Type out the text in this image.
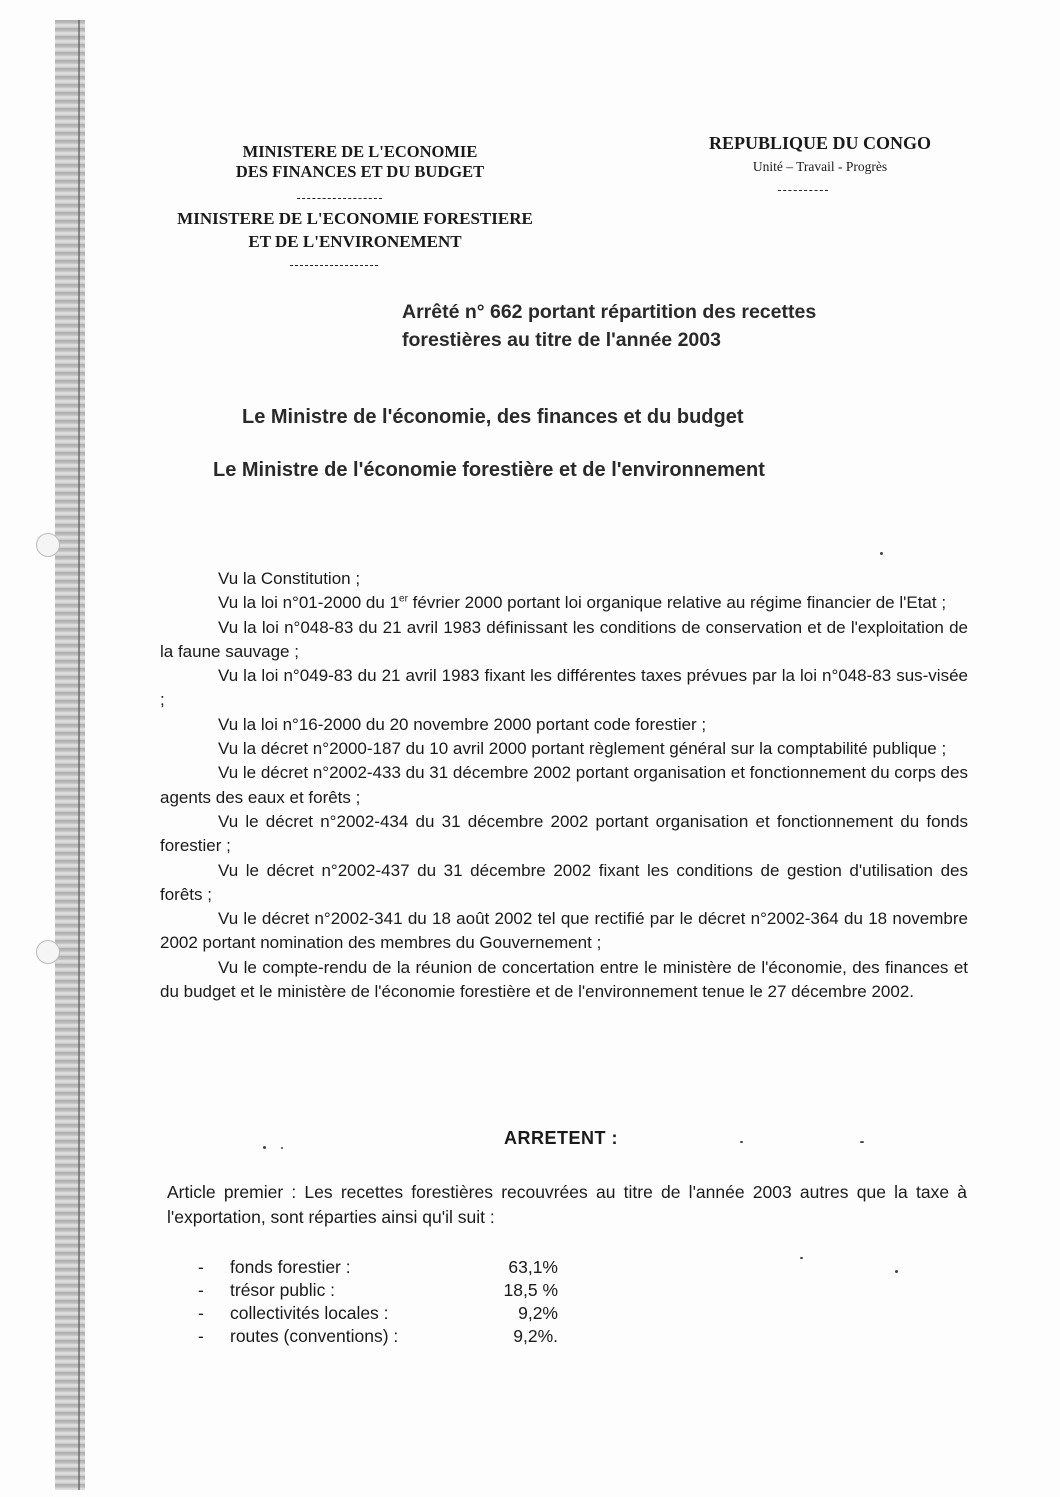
MINISTERE DE L'ECONOMIE
DES FINANCES ET DU BUDGET
MINISTERE DE L'ECONOMIE FORESTIERE
ET DE L'ENVIRONEMENT
REPUBLIQUE DU CONGO
Unité – Travail - Progrès
Arrêté n° 662 portant répartition des recettes
forestières au titre de l'année 2003
Le Ministre de l'économie, des finances et du budget
Le Ministre de l'économie forestière et de l'environnement

Vu la Constitution ;

Vu la loi n°01-2000 du 1er février 2000 portant loi organique relative au régime financier de l'Etat ;

Vu la loi n°048-83 du 21 avril 1983 définissant les conditions de conservation et de l'exploitation de la faune sauvage ;

Vu la loi n°049-83 du 21 avril 1983 fixant les différentes taxes prévues par la loi n°048-83 sus-visée ;

Vu la loi n°16-2000 du 20 novembre 2000 portant code forestier ;

Vu la décret n°2000-187 du 10 avril 2000 portant règlement général sur la comptabilité publique ;

Vu le décret n°2002-433 du 31 décembre 2002 portant organisation et fonctionnement du corps des agents des eaux et forêts ;

Vu le décret n°2002-434 du 31 décembre 2002 portant organisation et fonctionnement du fonds forestier ;

Vu le décret n°2002-437 du 31 décembre 2002 fixant les conditions de gestion d'utilisation des forêts ;

Vu le décret n°2002-341 du 18 août 2002 tel que rectifié par le décret n°2002-364 du 18 novembre 2002 portant nomination des membres du Gouvernement ;

Vu le compte-rendu de la réunion de concertation entre le ministère de l'économie, des finances et du budget et le ministère de l'économie forestière et de l'environnement tenue le 27 décembre 2002.

ARRETENT :
Article premier : Les recettes forestières recouvrées au titre de l'année 2003 autres que la taxe à l'exportation, sont réparties ainsi qu'il suit :
- fonds forestier :	63,1%
- trésor public :	18,5 %
- collectivités locales :	9,2%
- routes (conventions) :	9,2%.
